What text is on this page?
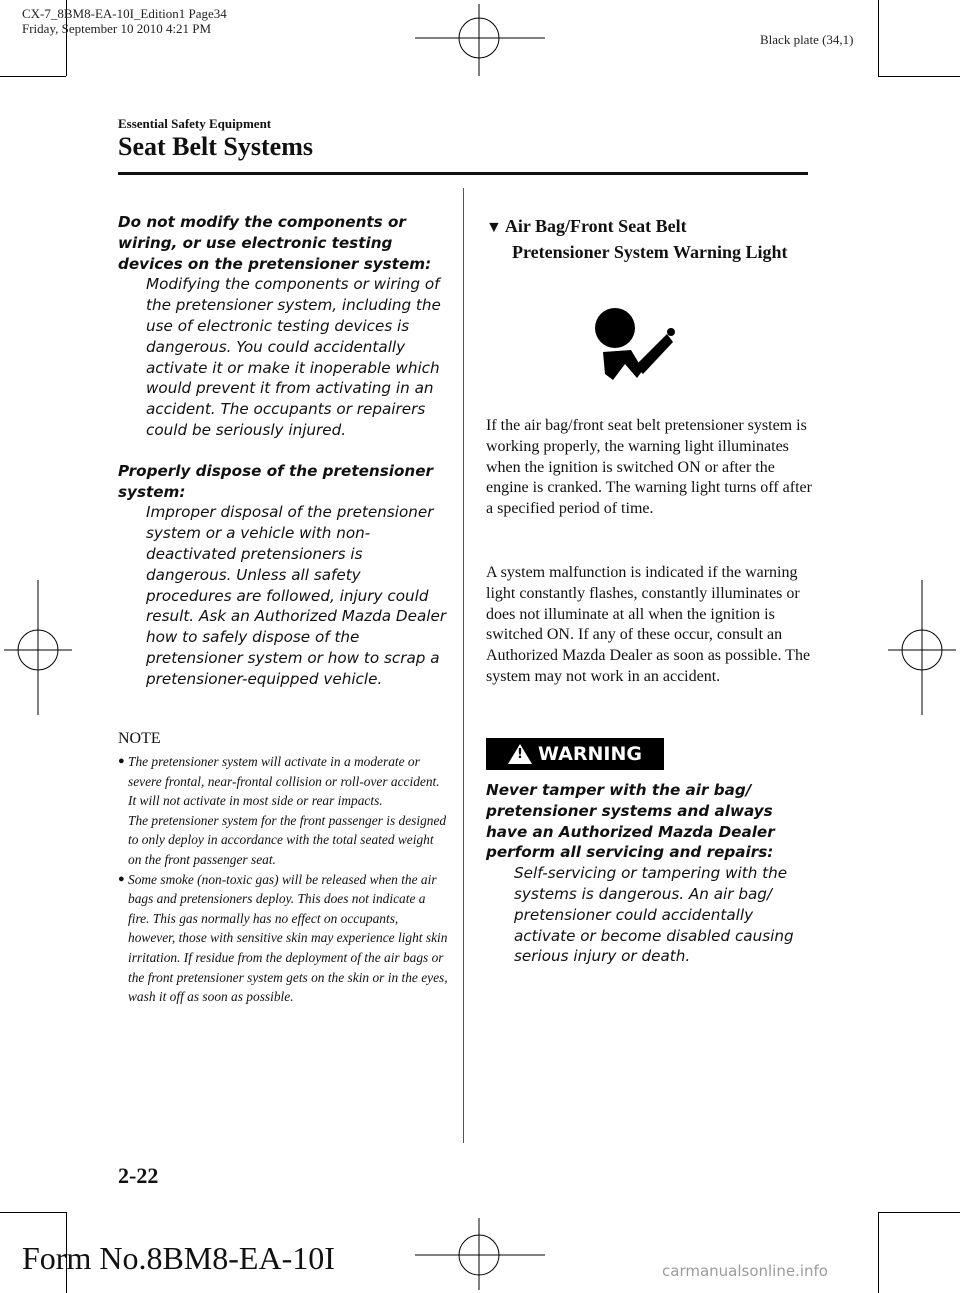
CX-7_8BM8-EA-10I_Edition1 Page34
Friday, September 10 2010 4:21 PM
Black plate (34,1)
Essential Safety Equipment
Seat Belt Systems

Do not modify the components or wiring, or use electronic testing devices on the pretensioner system:

Modifying the components or wiring of the pretensioner system, including the use of electronic testing devices is dangerous. You could accidentally activate it or make it inoperable which would prevent it from activating in an accident. The occupants or repairers could be seriously injured.

Properly dispose of the pretensioner system:

Improper disposal of the pretensioner system or a vehicle with non-deactivated pretensioners is dangerous. Unless all safety procedures are followed, injury could result. Ask an Authorized Mazda Dealer how to safely dispose of the pretensioner system or how to scrap a pretensioner-equipped vehicle.

NOTE
● The pretensioner system will activate in a moderate or severe frontal, near-frontal collision or roll-over accident. It will not activate in most side or rear impacts.
The pretensioner system for the front passenger is designed to only deploy in accordance with the total seated weight on the front passenger seat.
● Some smoke (non-toxic gas) will be released when the air bags and pretensioners deploy. This does not indicate a fire. This gas normally has no effect on occupants, however, those with sensitive skin may experience light skin irritation. If residue from the deployment of the air bags or the front pretensioner system gets on the skin or in the eyes, wash it off as soon as possible.
▼ Air Bag/Front Seat Belt
Pretensioner System Warning Light

If the air bag/front seat belt pretensioner system is working properly, the warning light illuminates when the ignition is switched ON or after the engine is cranked. The warning light turns off after a specified period of time.

A system malfunction is indicated if the warning light constantly flashes, constantly illuminates or does not illuminate at all when the ignition is switched ON. If any of these occur, consult an Authorized Mazda Dealer as soon as possible. The system may not work in an accident.

! WARNING

Never tamper with the air bag/ pretensioner systems and always have an Authorized Mazda Dealer perform all servicing and repairs:

Self-servicing or tampering with the systems is dangerous. An air bag/ pretensioner could accidentally activate or become disabled causing serious injury or death.

2-22
Form No.8BM8-EA-10I	carmanualsonline.info
